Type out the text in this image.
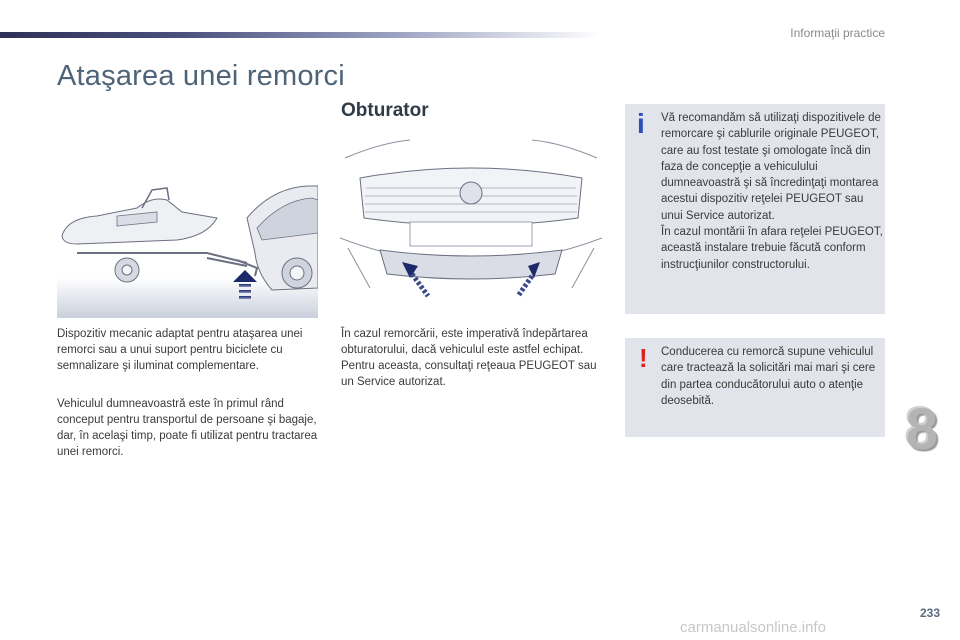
Informaţii practice
Ataşarea unei remorci

Dispozitiv mecanic adaptat pentru ataşarea unei remorci sau a unui suport pentru biciclete cu semnalizare şi iluminat complementare.

Vehiculul dumneavoastră este în primul rând conceput pentru transportul de persoane şi bagaje, dar, în acelaşi timp, poate fi utilizat pentru tractarea unei remorci.

Obturator

În cazul remorcării, este imperativă îndepărtarea obturatorului, dacă vehiculul este astfel echipat.
Pentru aceasta, consultaţi reţeaua PEUGEOT sau un Service autorizat.

i Vă recomandăm să utilizaţi dispozitivele de remorcare şi cablurile originale PEUGEOT, care au fost testate şi omologate încă din faza de concepţie a vehiculului dumneavoastră şi să încredinţaţi montarea acestui dispozitiv reţelei PEUGEOT sau unui Service autorizat.
În cazul montării în afara reţelei PEUGEOT, această instalare trebuie făcută conform instrucţiunilor constructorului.

! Conducerea cu remorcă supune vehiculul care tractează la solicitări mai mari şi cere din partea conducătorului auto o atenţie deosebită.	8
233
carmanualsonline.info
